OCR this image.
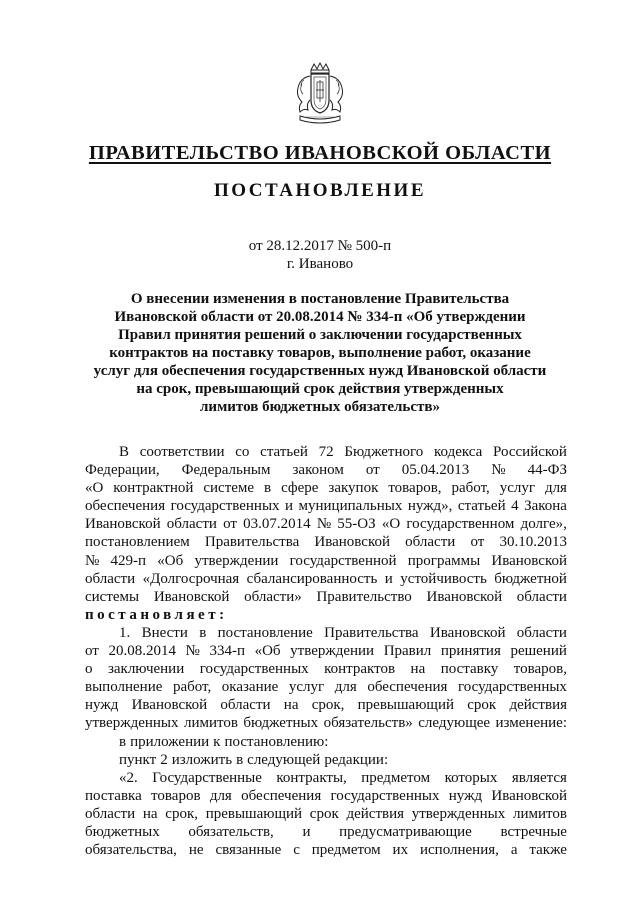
ПРАВИТЕЛЬСТВО ИВАНОВСКОЙ ОБЛАСТИ
ПОСТАНОВЛЕНИЕ
от 28.12.2017 № 500-п
г. Иваново
О внесении изменения в постановление Правительства
Ивановской области от 20.08.2014 № 334-п «Об утверждении
Правил принятия решений о заключении государственных
контрактов на поставку товаров, выполнение работ, оказание
услуг для обеспечения государственных нужд Ивановской области
на срок, превышающий срок действия утвержденных
лимитов бюджетных обязательств»
В соответствии со статьей 72 Бюджетного кодекса Российской
Федерации, Федеральным законом от 05.04.2013 № 44-ФЗ
«О контрактной системе в сфере закупок товаров, работ, услуг для
обеспечения государственных и муниципальных нужд», статьей 4 Закона
Ивановской области от 03.07.2014 № 55-ОЗ «О государственном долге»,
постановлением Правительства Ивановской области от 30.10.2013
№ 429-п «Об утверждении государственной программы Ивановской
области «Долгосрочная сбалансированность и устойчивость бюджетной
системы Ивановской области» Правительство Ивановской области
постановляет:
1. Внести в постановление Правительства Ивановской области
от 20.08.2014 № 334-п «Об утверждении Правил принятия решений
о заключении государственных контрактов на поставку товаров,
выполнение работ, оказание услуг для обеспечения государственных
нужд Ивановской области на срок, превышающий срок действия
утвержденных лимитов бюджетных обязательств» следующее изменение:
в приложении к постановлению:
пункт 2 изложить в следующей редакции:
«2. Государственные контракты, предметом которых является
поставка товаров для обеспечения государственных нужд Ивановской
области на срок, превышающий срок действия утвержденных лимитов
бюджетных обязательств, и предусматривающие встречные
обязательства, не связанные с предметом их исполнения, а также
